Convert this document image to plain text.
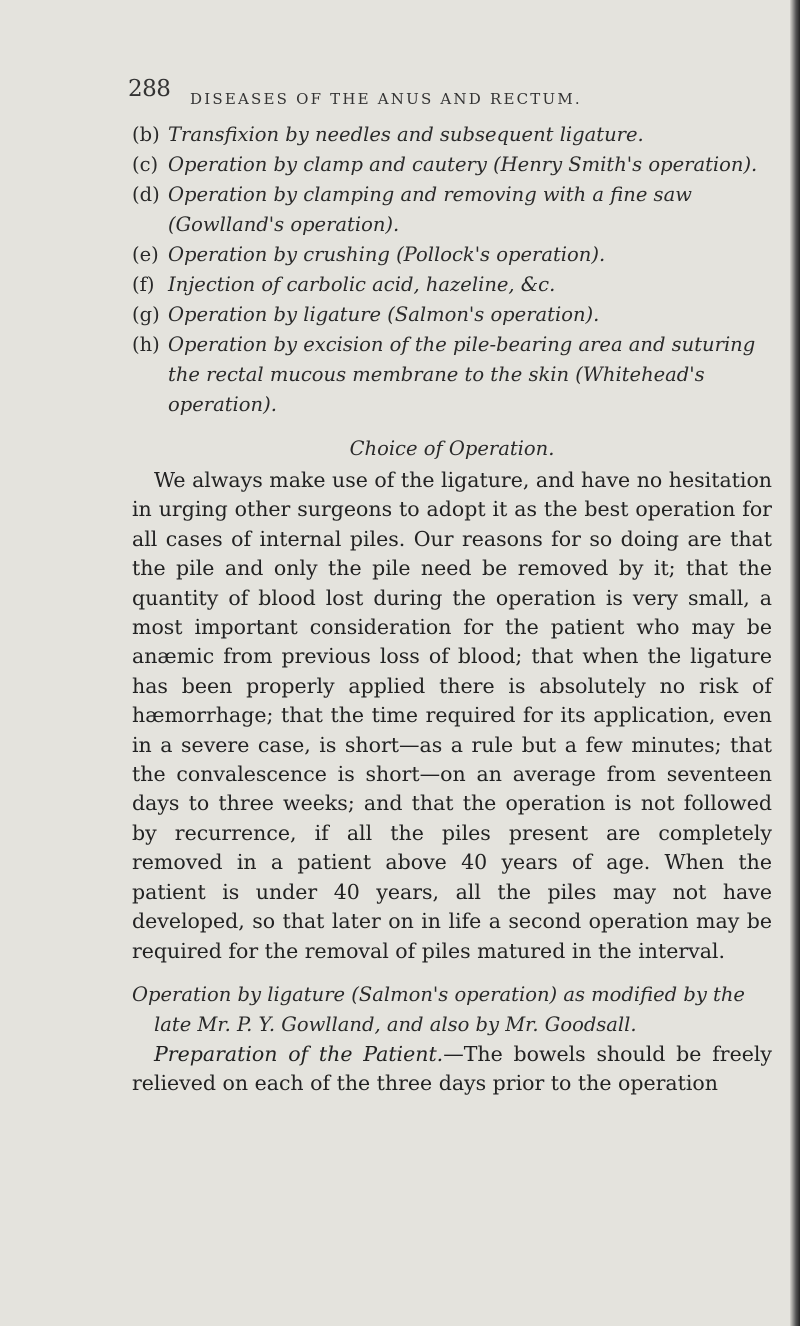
288 DISEASES OF THE ANUS AND RECTUM.
(b) Transfixion by needles and subsequent ligature.
(c) Operation by clamp and cautery (Henry Smith's operation).
(d) Operation by clamping and removing with a fine saw (Gowlland's operation).
(e) Operation by crushing (Pollock's operation).
(f) Injection of carbolic acid, hazeline, &c.
(g) Operation by ligature (Salmon's operation).
(h) Operation by excision of the pile-bearing area and suturing the rectal mucous membrane to the skin (Whitehead's operation).
Choice of Operation.

We always make use of the ligature, and have no hesitation in urging other surgeons to adopt it as the best operation for all cases of internal piles. Our reasons for so doing are that the pile and only the pile need be removed by it; that the quantity of blood lost during the operation is very small, a most important consideration for the patient who may be anæmic from previous loss of blood; that when the ligature has been properly applied there is absolutely no risk of hæmorrhage; that the time required for its application, even in a severe case, is short—as a rule but a few minutes; that the convalescence is short—on an average from seventeen days to three weeks; and that the operation is not followed by recurrence, if all the piles present are completely removed in a patient above 40 years of age. When the patient is under 40 years, all the piles may not have developed, so that later on in life a second operation may be required for the removal of piles matured in the interval.

Operation by ligature (Salmon's operation) as modified by the late Mr. P. Y. Gowlland, and also by Mr. Goodsall.

Preparation of the Patient.—The bowels should be freely relieved on each of the three days prior to the operation
